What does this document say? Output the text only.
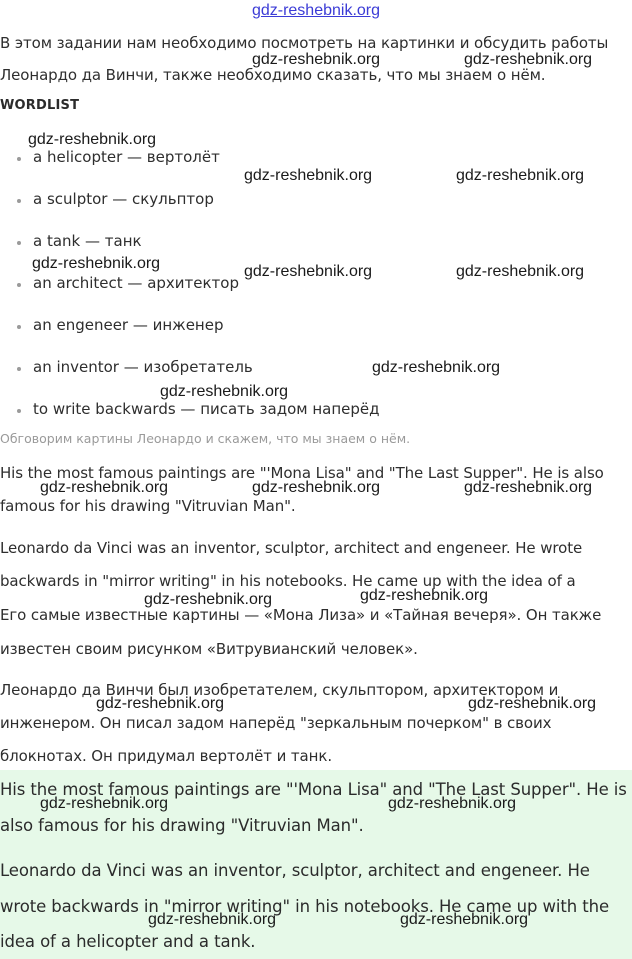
gdz-reshebnik.org
В этом задании нам необходимо посмотреть на картинки и обсудить работы
Леонардо да Винчи, также необходимо сказать, что мы знаем о нём.
WORDLIST
a helicopter — вертолёт
a sculptor — скульптор
a tank — танк
an architect — архитектор
an engeneer — инженер
an inventor — изобретатель
to write backwards — писать задом наперёд
Обговорим картины Леонардо и скажем, что мы знаем о нём.
His the most famous paintings are "'Mona Lisa" and "The Last Supper". He is also
famous for his drawing "Vitruvian Man".
Leonardo da Vinci was an inventor, sculptor, architect and engeneer. He wrote
backwards in "mirror writing" in his notebooks. He came up with the idea of a
Его самые известные картины — «Мона Лиза» и «Тайная вечеря». Он также
известен своим рисунком «Витрувианский человек».
Леонардо да Винчи был изобретателем, скульптором, архитектором и
инженером. Он писал задом наперёд "зеркальным почерком" в своих
блокнотах. Он придумал вертолёт и танк.
His the most famous paintings are "'Mona Lisa" and "The Last Supper". He is
also famous for his drawing "Vitruvian Man".
Leonardo da Vinci was an inventor, sculptor, architect and engeneer. He
wrote backwards in "mirror writing" in his notebooks. He came up with the
idea of a helicopter and a tank.
gdz-reshebnik.org	gdz-reshebnik.org
gdz-reshebnik.org
gdz-reshebnik.org	gdz-reshebnik.org
gdz-reshebnik.org	gdz-reshebnik.org	gdz-reshebnik.org
gdz-reshebnik.org
gdz-reshebnik.org
gdz-reshebnik.org	gdz-reshebnik.org	gdz-reshebnik.org
gdz-reshebnik.org	gdz-reshebnik.org
gdz-reshebnik.org	gdz-reshebnik.org
gdz-reshebnik.org	gdz-reshebnik.org
gdz-reshebnik.org	gdz-reshebnik.org
